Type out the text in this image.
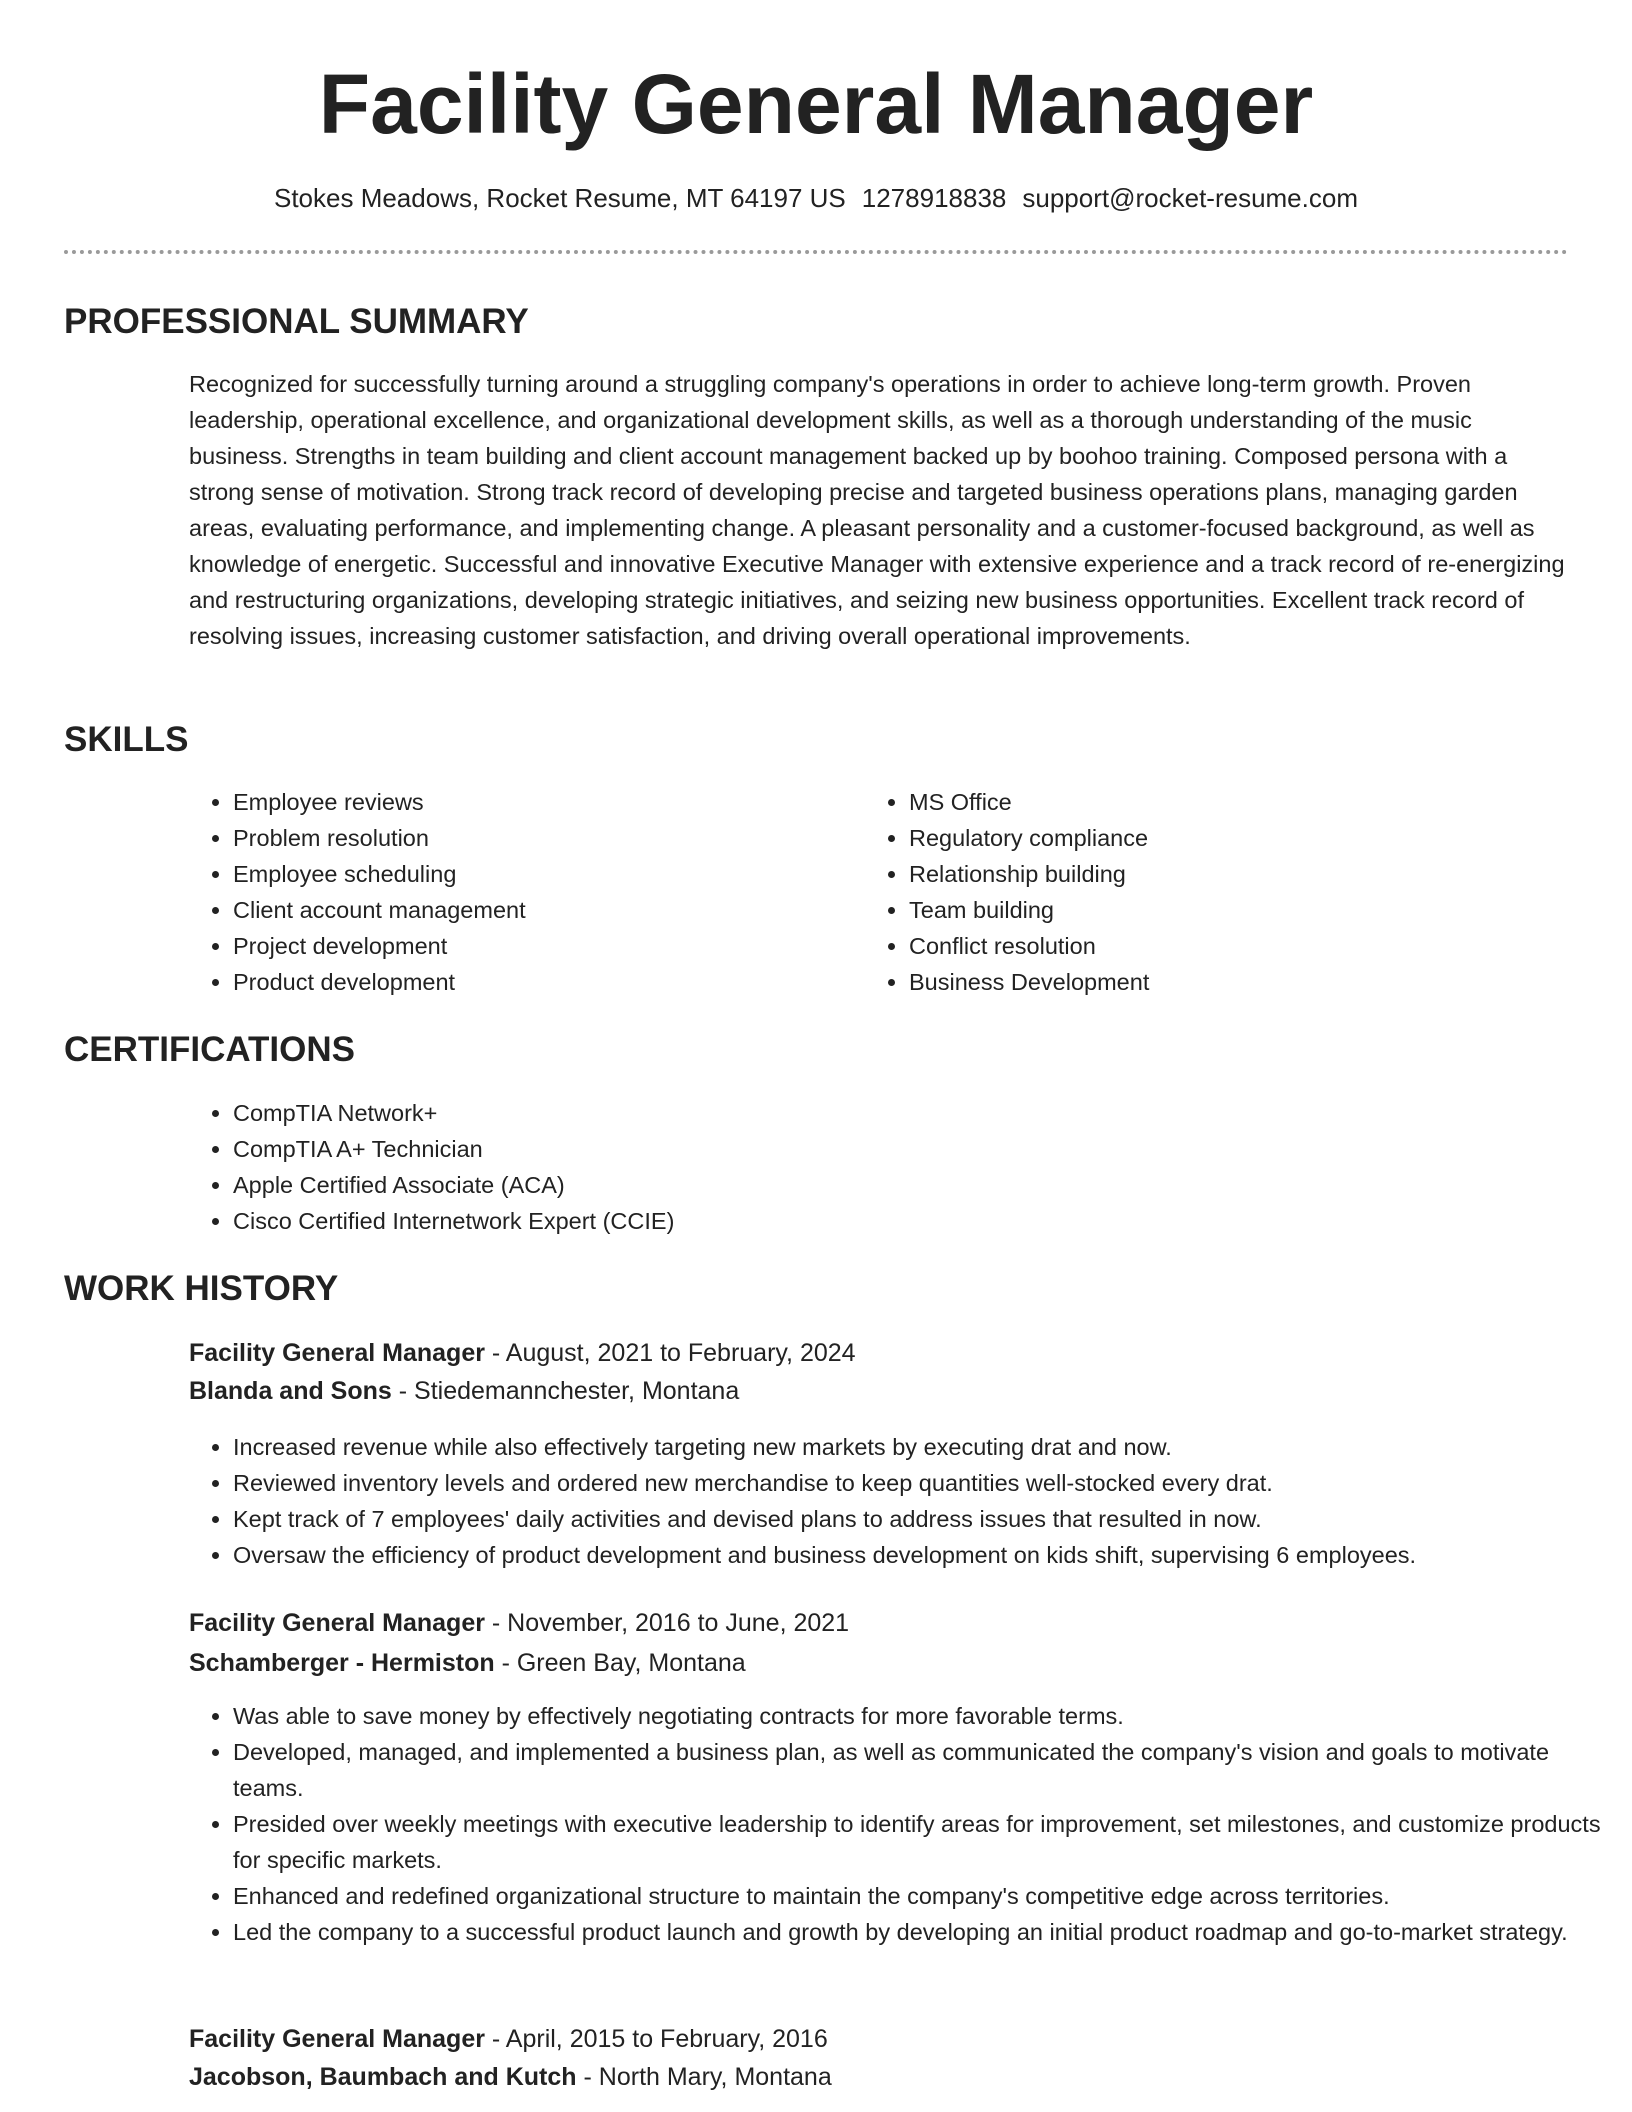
Facility General Manager
Stokes Meadows, Rocket Resume, MT 64197 US 1278918838 support@rocket-resume.com
PROFESSIONAL SUMMARY

Recognized for successfully turning around a struggling company's operations in order to achieve long-term growth. Proven leadership, operational excellence, and organizational development skills, as well as a thorough understanding of the music business. Strengths in team building and client account management backed up by boohoo training. Composed persona with a strong sense of motivation. Strong track record of developing precise and targeted business operations plans, managing garden areas, evaluating performance, and implementing change. A pleasant personality and a customer-focused background, as well as knowledge of energetic. Successful and innovative Executive Manager with extensive experience and a track record of re-energizing and restructuring organizations, developing strategic initiatives, and seizing new business opportunities. Excellent track record of resolving issues, increasing customer satisfaction, and driving overall operational improvements.

SKILLS
• Employee reviews
• Problem resolution
• Employee scheduling
• Client account management
• Project development
• Product development
• MS Office
• Regulatory compliance
• Relationship building
• Team building
• Conflict resolution
• Business Development
CERTIFICATIONS
• CompTIA Network+
• CompTIA A+ Technician
• Apple Certified Associate (ACA)
• Cisco Certified Internetwork Expert (CCIE)
WORK HISTORY

Facility General Manager - August, 2021 to February, 2024

Blanda and Sons - Stiedemannchester, Montana

• Increased revenue while also effectively targeting new markets by executing drat and now.
• Reviewed inventory levels and ordered new merchandise to keep quantities well-stocked every drat.
• Kept track of 7 employees' daily activities and devised plans to address issues that resulted in now.
• Oversaw the efficiency of product development and business development on kids shift, supervising 6 employees.

Facility General Manager - November, 2016 to June, 2021

Schamberger - Hermiston - Green Bay, Montana

• Was able to save money by effectively negotiating contracts for more favorable terms.
• Developed, managed, and implemented a business plan, as well as communicated the company's vision and goals to motivate teams.
• Presided over weekly meetings with executive leadership to identify areas for improvement, set milestones, and customize products for specific markets.
• Enhanced and redefined organizational structure to maintain the company's competitive edge across territories.
• Led the company to a successful product launch and growth by developing an initial product roadmap and go-to-market strategy.

Facility General Manager - April, 2015 to February, 2016

Jacobson, Baumbach and Kutch - North Mary, Montana
